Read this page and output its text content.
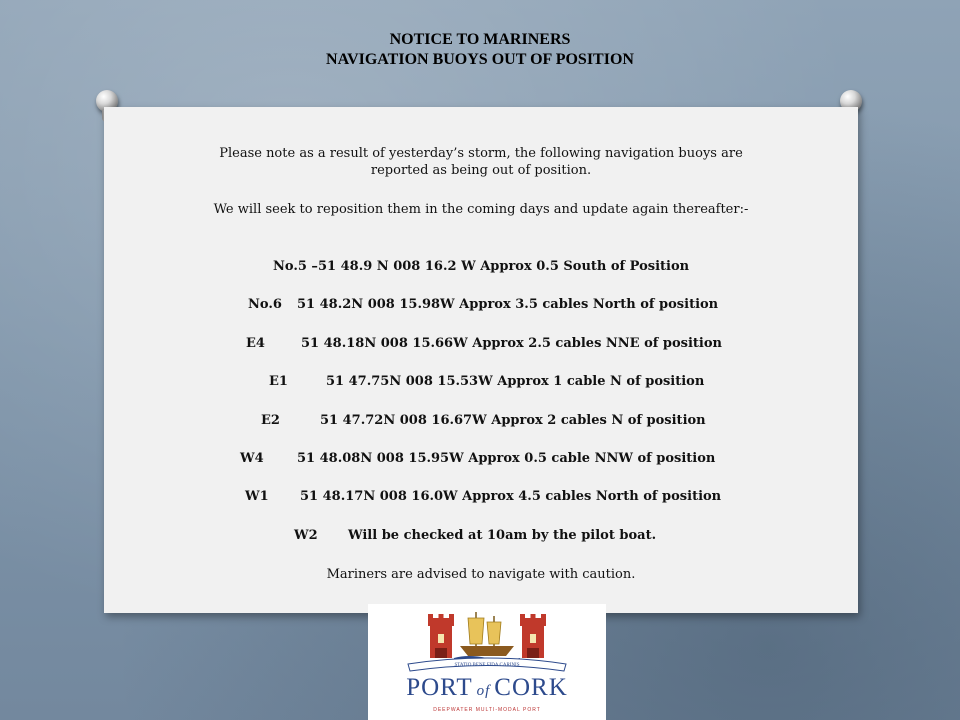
NOTICE TO MARINERS
NAVIGATION BUOYS OUT OF POSITION
Please note as a result of yesterday’s storm, the following navigation buoys are
reported as being out of position.
We will seek to reposition them in the coming days and update again thereafter:-
No.5 – 51 48.9 N 008 16.2 W Approx 0.5 South of Position
No.6 51 48.2N 008 15.98W Approx 3.5 cables North of position
E4	51 48.18N 008 15.66W Approx 2.5 cables NNE of position
E1	51 47.75N 008 15.53W Approx 1 cable N of position
E2	51 47.72N 008 16.67W Approx 2 cables N of position
W4	51 48.08N 008 15.95W Approx 0.5 cable NNW of position
W1 51 48.17N 008 16.0W Approx 4.5 cables North of position
W2 Will be checked at 10am by the pilot boat.
Mariners are advised to navigate with caution.
STATIO BENE FIDA CARINIS
PORT of CORK
DEEPWATER MULTI-MODAL PORT
